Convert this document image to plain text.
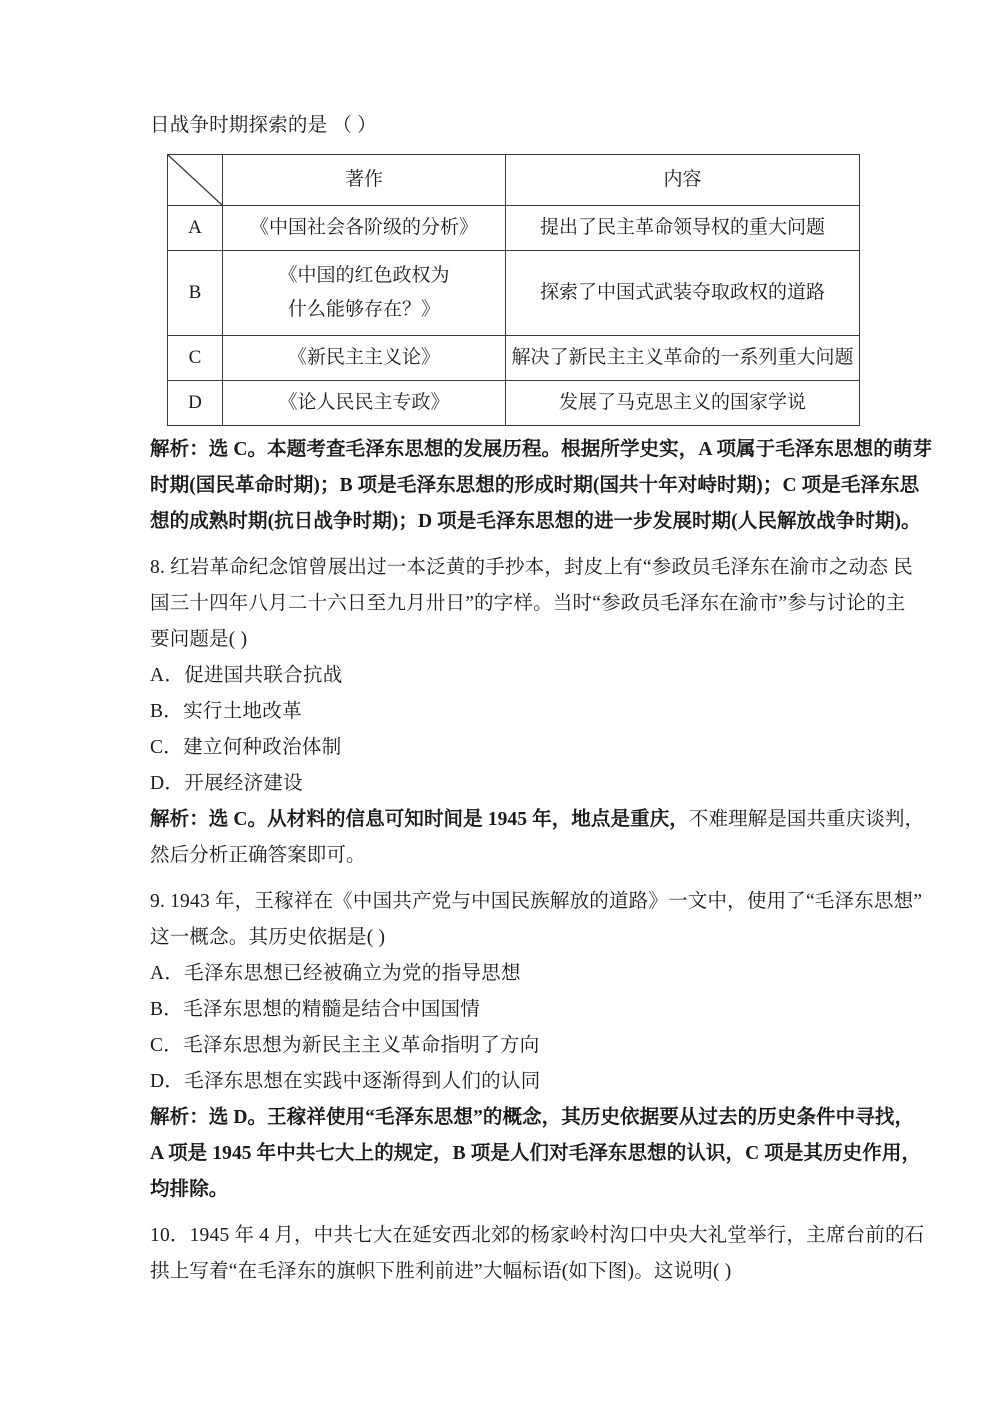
日战争时期探索的是 （ ）
	著作	内容
A	《中国社会各阶级的分析》	提出了民主革命领导权的重大问题
B	《中国的红色政权为
什么能够存在？》	探索了中国式武装夺取政权的道路
C	《新民主主义论》	解决了新民主主义革命的一系列重大问题
D	《论人民民主专政》	发展了马克思主义的国家学说
解析：选 C。本题考查毛泽东思想的发展历程。根据所学史实，A 项属于毛泽东思想的萌芽
时期(国民革命时期)；B 项是毛泽东思想的形成时期(国共十年对峙时期)；C 项是毛泽东思
想的成熟时期(抗日战争时期)；D 项是毛泽东思想的进一步发展时期(人民解放战争时期)。
8. 红岩革命纪念馆曾展出过一本泛黄的手抄本，封皮上有“参政员毛泽东在渝市之动态 民
国三十四年八月二十六日至九月卅日”的字样。当时“参政员毛泽东在渝市”参与讨论的主
要问题是( )
A．促进国共联合抗战
B．实行土地改革
C．建立何种政治体制
D．开展经济建设
解析：选 C。从材料的信息可知时间是 1945 年，地点是重庆，不难理解是国共重庆谈判，
然后分析正确答案即可。
9. 1943 年，王稼祥在《中国共产党与中国民族解放的道路》一文中，使用了“毛泽东思想”
这一概念。其历史依据是( )
A．毛泽东思想已经被确立为党的指导思想
B．毛泽东思想的精髓是结合中国国情
C．毛泽东思想为新民主主义革命指明了方向
D．毛泽东思想在实践中逐渐得到人们的认同
解析：选 D。王稼祥使用“毛泽东思想”的概念，其历史依据要从过去的历史条件中寻找，
A 项是 1945 年中共七大上的规定，B 项是人们对毛泽东思想的认识，C 项是其历史作用，
均排除。
10．1945 年 4 月，中共七大在延安西北郊的杨家岭村沟口中央大礼堂举行，主席台前的石
拱上写着“在毛泽东的旗帜下胜利前进”大幅标语(如下图)。这说明( )
